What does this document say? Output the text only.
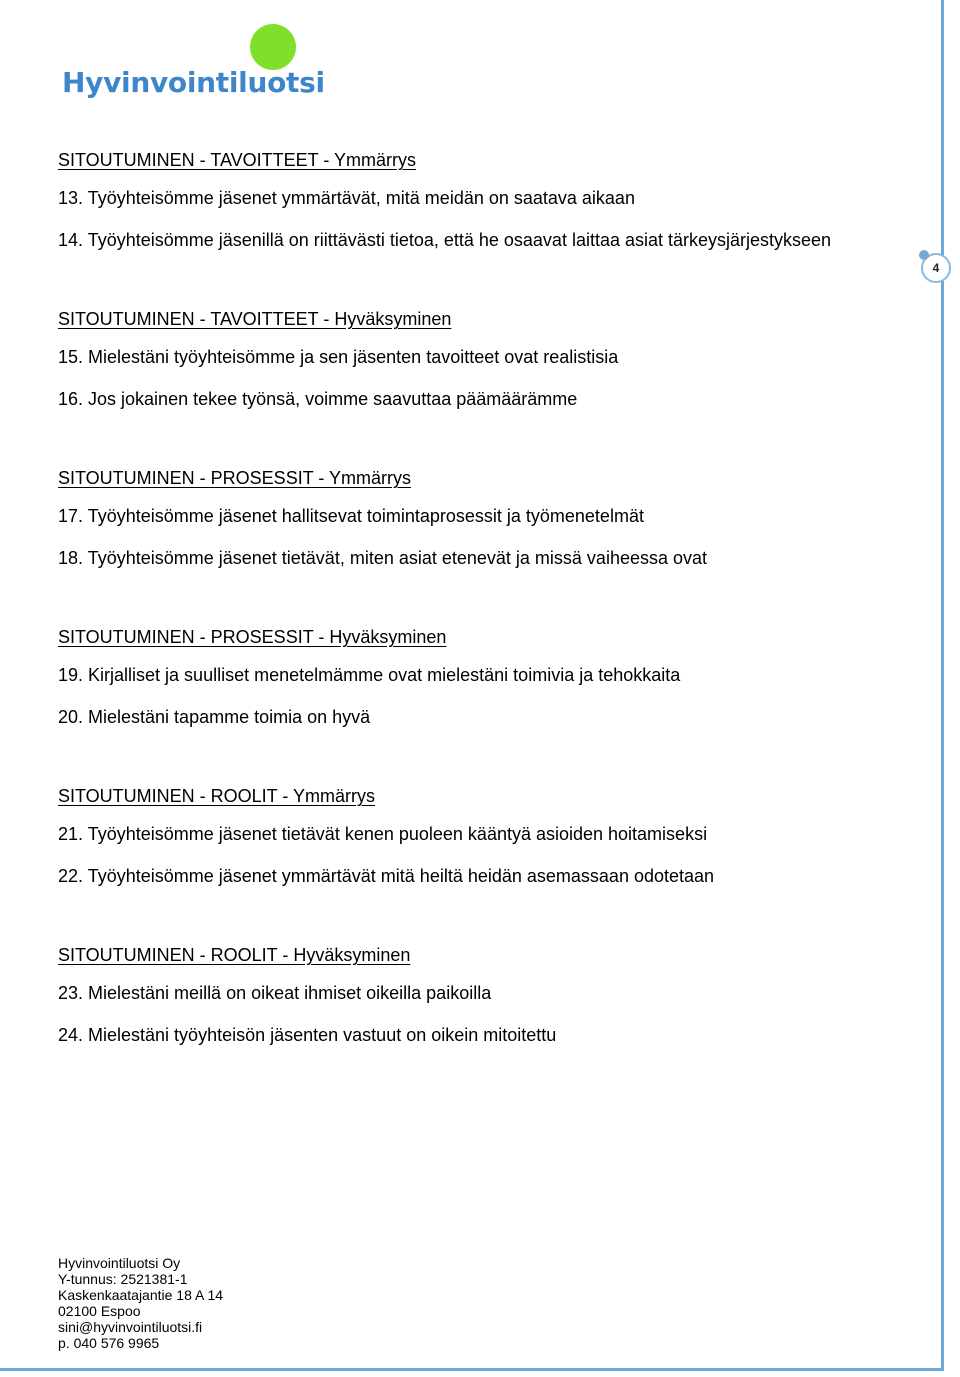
Hyvinvointiluotsi
4
SITOUTUMINEN - TAVOITTEET - Ymmärrys
13. Työyhteisömme jäsenet ymmärtävät, mitä meidän on saatava aikaan
14. Työyhteisömme jäsenillä on riittävästi tietoa, että he osaavat laittaa asiat tärkeysjärjestykseen
SITOUTUMINEN - TAVOITTEET - Hyväksyminen
15. Mielestäni työyhteisömme ja sen jäsenten tavoitteet ovat realistisia
16. Jos jokainen tekee työnsä, voimme saavuttaa päämäärämme
SITOUTUMINEN - PROSESSIT - Ymmärrys
17. Työyhteisömme jäsenet hallitsevat toimintaprosessit ja työmenetelmät
18. Työyhteisömme jäsenet tietävät, miten asiat etenevät ja missä vaiheessa ovat
SITOUTUMINEN - PROSESSIT - Hyväksyminen
19. Kirjalliset ja suulliset menetelmämme ovat mielestäni toimivia ja tehokkaita
20. Mielestäni tapamme toimia on hyvä
SITOUTUMINEN - ROOLIT - Ymmärrys
21. Työyhteisömme jäsenet tietävät kenen puoleen kääntyä asioiden hoitamiseksi
22. Työyhteisömme jäsenet ymmärtävät mitä heiltä heidän asemassaan odotetaan
SITOUTUMINEN - ROOLIT - Hyväksyminen
23. Mielestäni meillä on oikeat ihmiset oikeilla paikoilla
24. Mielestäni työyhteisön jäsenten vastuut on oikein mitoitettu
Hyvinvointiluotsi Oy
Y-tunnus: 2521381-1
Kaskenkaatajantie 18 A 14
02100 Espoo
sini@hyvinvointiluotsi.fi
p. 040 576 9965
